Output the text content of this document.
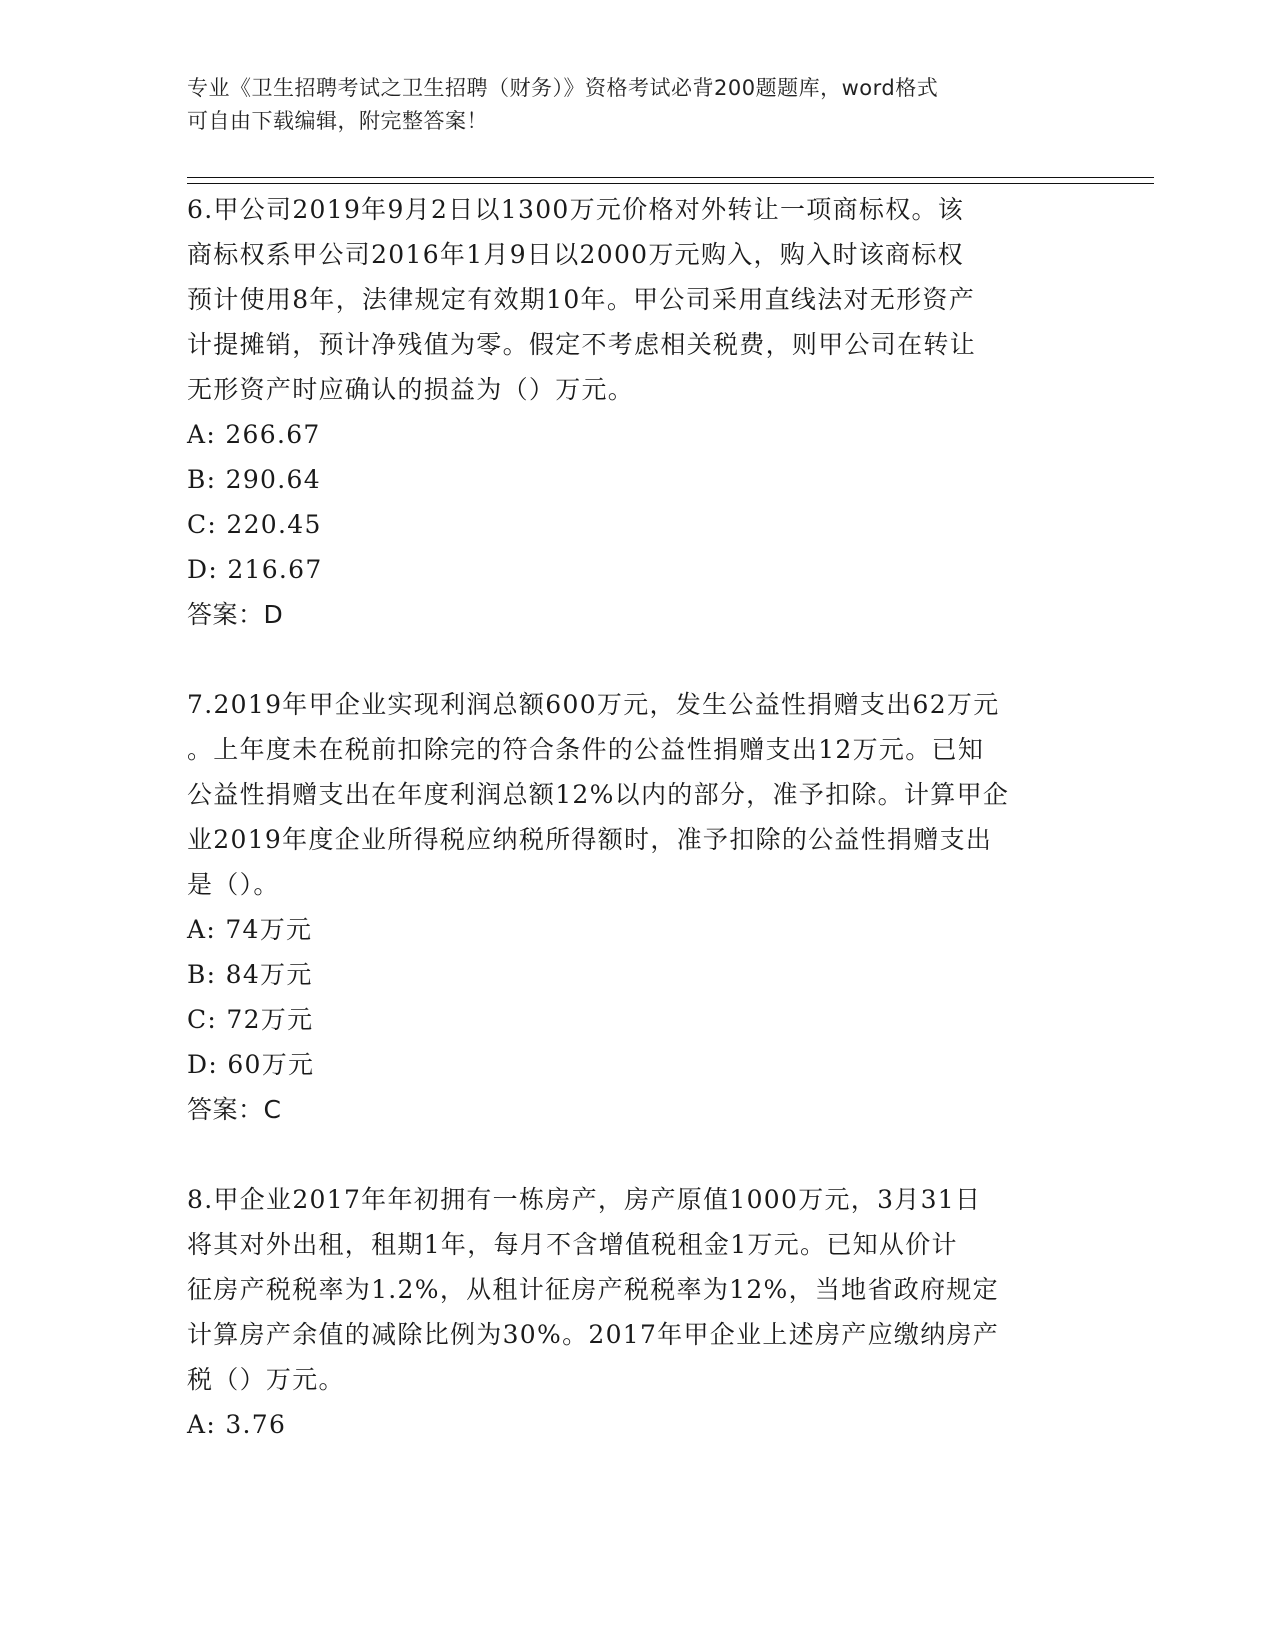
专业《卫生招聘考试之卫生招聘（财务）》资格考试必背200题题库，word格式
可自由下载编辑，附完整答案！
6.甲公司2019年9月2日以1300万元价格对外转让一项商标权。该
商标权系甲公司2016年1月9日以2000万元购入，购入时该商标权
预计使用8年，法律规定有效期10年。甲公司采用直线法对无形资产
计提摊销，预计净残值为零。假定不考虑相关税费，则甲公司在转让
无形资产时应确认的损益为（）万元。
A: 266.67
B: 290.64
C: 220.45
D: 216.67
答案：D
7.2019年甲企业实现利润总额600万元，发生公益性捐赠支出62万元
。上年度未在税前扣除完的符合条件的公益性捐赠支出12万元。已知
公益性捐赠支出在年度利润总额12%以内的部分，准予扣除。计算甲企
业2019年度企业所得税应纳税所得额时，准予扣除的公益性捐赠支出
是（）。
A: 74万元
B: 84万元
C: 72万元
D: 60万元
答案：C
8.甲企业2017年年初拥有一栋房产，房产原值1000万元，3月31日
将其对外出租，租期1年，每月不含增值税租金1万元。已知从价计
征房产税税率为1.2%，从租计征房产税税率为12%，当地省政府规定
计算房产余值的减除比例为30%。2017年甲企业上述房产应缴纳房产
税（）万元。
A: 3.76
